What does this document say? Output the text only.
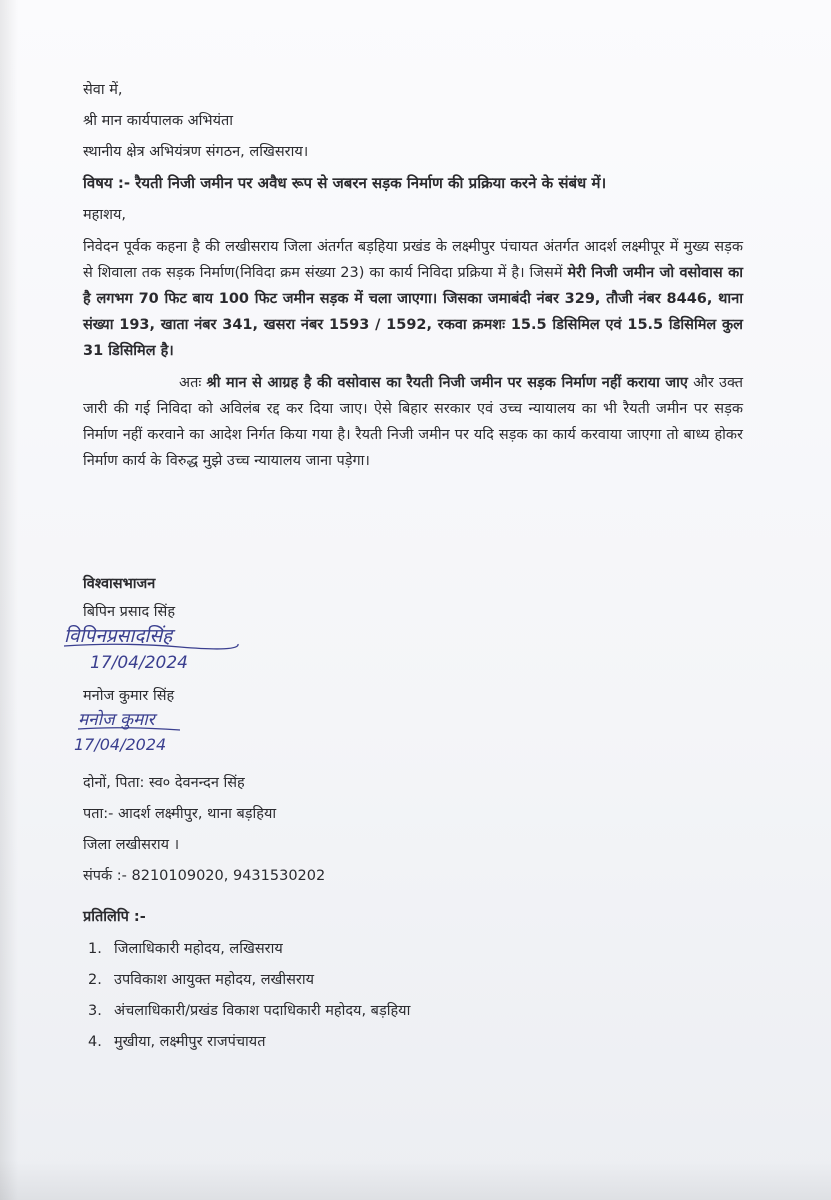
सेवा में,
श्री मान कार्यपालक अभियंता
स्थानीय क्षेत्र अभियंत्रण संगठन, लखिसराय।
विषय :- रैयती निजी जमीन पर अवैध रूप से जबरन सड़क निर्माण की प्रक्रिया करने के संबंध में।
महाशय,
निवेदन पूर्वक कहना है की लखीसराय जिला अंतर्गत बड़हिया प्रखंड के लक्ष्मीपुर पंचायत अंतर्गत आदर्श लक्ष्मीपूर में मुख्य सड़क से शिवाला तक सड़क निर्माण(निविदा क्रम संख्या 23) का कार्य निविदा प्रक्रिया में है। जिसमें मेरी निजी जमीन जो वसोवास का है लगभग 70 फिट बाय 100 फिट जमीन सड़क में चला जाएगा। जिसका जमाबंदी नंबर 329, तौजी नंबर 8446, थाना संख्या 193, खाता नंबर 341, खसरा नंबर 1593 / 1592, रकवा क्रमशः 15.5 डिसिमिल एवं 15.5 डिसिमिल कुल 31 डिसिमिल है।
अतः श्री मान से आग्रह है की वसोवास का रैयती निजी जमीन पर सड़क निर्माण नहीं कराया जाए और उक्त जारी की गई निविदा को अविलंब रद्द कर दिया जाए। ऐसे बिहार सरकार एवं उच्च न्यायालय का भी रैयती जमीन पर सड़क निर्माण नहीं करवाने का आदेश निर्गत किया गया है। रैयती निजी जमीन पर यदि सड़क का कार्य करवाया जाएगा तो बाध्य होकर निर्माण कार्य के विरुद्ध मुझे उच्च न्यायालय जाना पड़ेगा।
विश्वासभाजन
बिपिन प्रसाद सिंह
विपिनप्रसादसिंह
17/04/2024
मनोज कुमार सिंह
मनोज कुमार
17/04/2024
दोनों, पिता: स्व० देवनन्दन सिंह
पता:- आदर्श लक्ष्मीपुर, थाना बड़हिया
जिला लखीसराय ।
संपर्क :- 8210109020, 9431530202
प्रतिलिपि :-
1. जिलाधिकारी महोदय, लखिसराय
2. उपविकाश आयुक्त महोदय, लखीसराय
3. अंचलाधिकारी/प्रखंड विकाश पदाधिकारी महोदय, बड़हिया
4. मुखीया, लक्ष्मीपुर राजपंचायत
